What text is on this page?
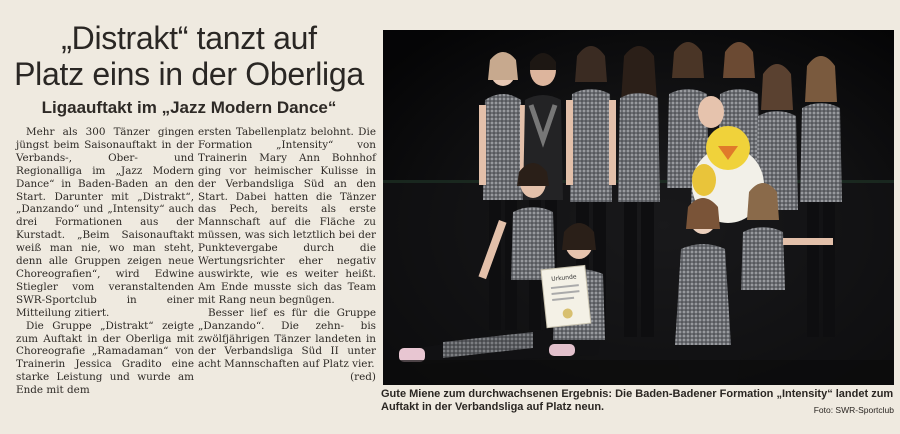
„Distrakt“ tanzt auf
Platz eins in der Oberliga
Ligaauftakt im „Jazz Modern Dance“

Mehr als 300 Tänzer gingen jüngst beim Saisonauftakt in der Verbands-, Ober- und Regionalliga im „Jazz Modern Dance“ in Baden-Baden an den Start. Darunter mit „Distrakt“, „Danzando“ und „Intensity“ auch drei Formationen aus der Kurstadt. „Beim Saisonauftakt weiß man nie, wo man steht, denn alle Gruppen zeigen neue Choreografien“, wird Edwine Stiegler vom veranstaltenden SWR-Sportclub in einer Mitteilung zitiert.

Die Gruppe „Distrakt“ zeigte zum Auftakt in der Oberliga mit Choreografie „Ramadaman“ von Trainerin Jessica Gradito eine starke Leistung und wurde am Ende mit dem

ersten Tabellenplatz belohnt. Die Formation „Intensity“ von Trainerin Mary Ann Bohnhof ging vor heimischer Kulisse in der Verbandsliga Süd an den Start. Dabei hatten die Tänzer das Pech, bereits als erste Mannschaft auf die Fläche zu müssen, was sich letztlich bei der Punktevergabe durch die Wertungsrichter eher negativ auswirkte, wie es weiter heißt. Am Ende musste sich das Team mit Rang neun begnügen.

Besser lief es für die Gruppe „Danzando“. Die zehn- bis zwölfjährigen Tänzer landeten in der Verbandsliga Süd II unter acht Mannschaften auf Platz vier.
(red)

Urkunde
Gute Miene zum durchwachsenen Ergebnis: Die Baden-Badener Formation „Intensity“ landet zum Auftakt in der Verbandsliga auf Platz neun.	Foto: SWR-Sportclub
